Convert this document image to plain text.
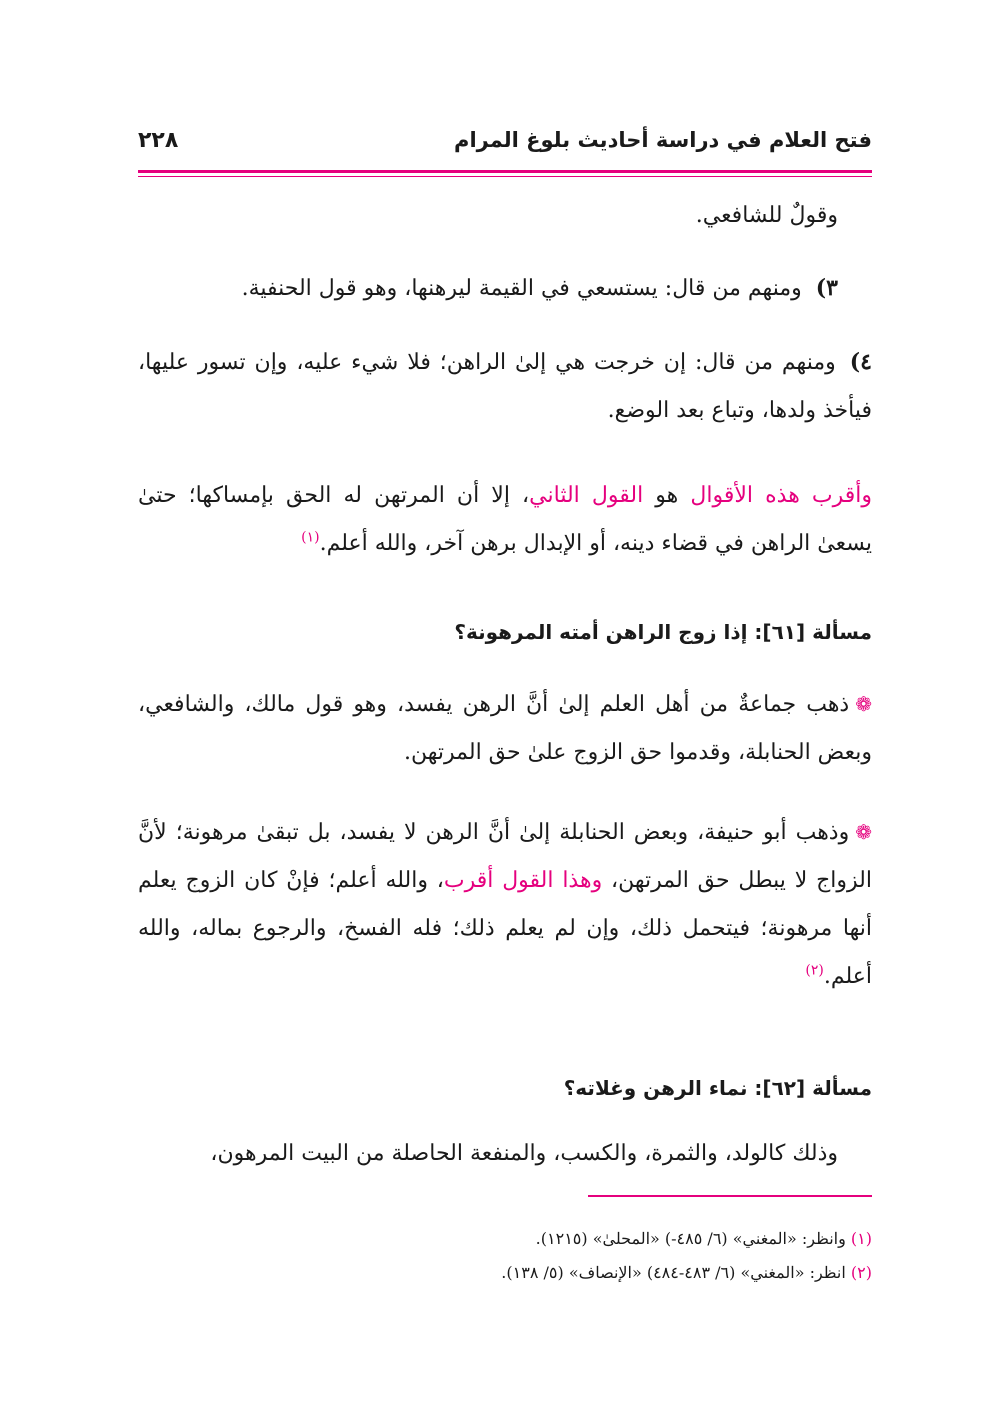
٢٢٨	فتح العلام في دراسة أحاديث بلوغ المرام

وقولٌ للشافعي.

٣)ومنهم من قال: يستسعي في القيمة ليرهنها، وهو قول الحنفية.

٤)ومنهم من قال: إن خرجت هي إلىٰ الراهن؛ فلا شيء عليه، وإن تسور عليها، فيأخذ ولدها، وتباع بعد الوضع.

وأقرب هذه الأقوال هو القول الثاني، إلا أن المرتهن له الحق بإمساكها؛ حتىٰ يسعىٰ الراهن في قضاء دينه، أو الإبدال برهن آخر، والله أعلم.$^{(١)}$

مسألة [٦١]: إذا زوج الراهن أمته المرهونة؟

❁ذهب جماعةٌ من أهل العلم إلىٰ أنَّ الرهن يفسد، وهو قول مالك، والشافعي، وبعض الحنابلة، وقدموا حق الزوج علىٰ حق المرتهن.

❁وذهب أبو حنيفة، وبعض الحنابلة إلىٰ أنَّ الرهن لا يفسد، بل تبقىٰ مرهونة؛ لأنَّ الزواج لا يبطل حق المرتهن، وهذا القول أقرب، والله أعلم؛ فإنْ كان الزوج يعلم أنها مرهونة؛ فيتحمل ذلك، وإن لم يعلم ذلك؛ فله الفسخ، والرجوع بماله، والله أعلم.$^{(٢)}$

مسألة [٦٢]: نماء الرهن وغلاته؟

وذلك كالولد، والثمرة، والكسب، والمنفعة الحاصلة من البيت المرهون،

(١) وانظر: «المغني» (٦/ ٤٨٥-) «المحلىٰ» (١٢١٥).

(٢) انظر: «المغني» (٦/ ٤٨٣-٤٨٤) «الإنصاف» (٥/ ١٣٨).
